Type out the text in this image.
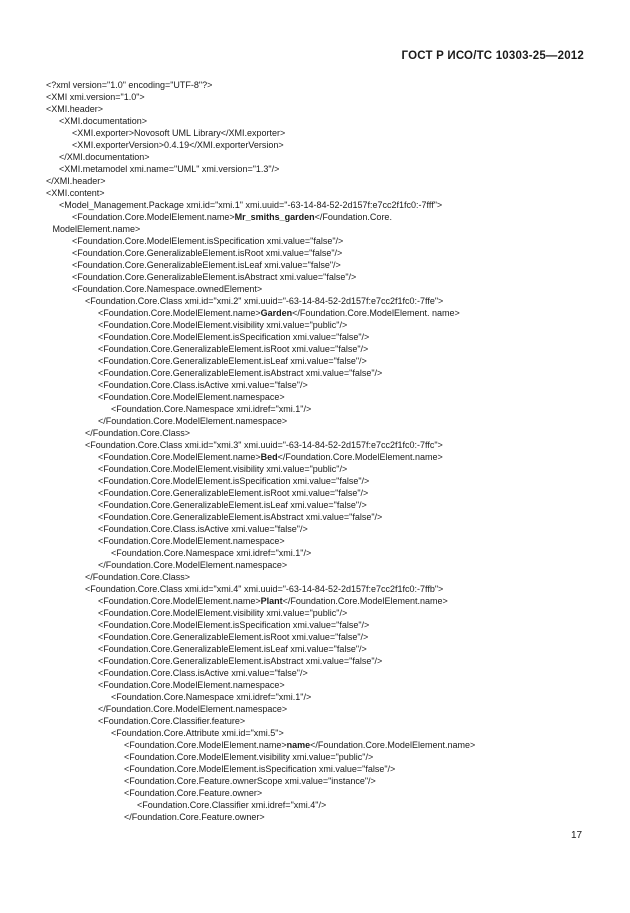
ГОСТ Р ИСО/ТС 10303-25—2012
<?xml version="1.0" encoding="UTF-8"?>
<XMI xmi.version="1.0">
<XMI.header>
<XMI.documentation>
<XMI.exporter>Novosoft UML Library</XMI.exporter>
<XMI.exporterVersion>0.4.19</XMI.exporterVersion>
</XMI.documentation>
<XMI.metamodel xmi.name="UML" xmi.version="1.3"/>
</XMI.header>
<XMI.content>
<Model_Management.Package xmi.id="xmi.1" xmi.uuid="-63-14-84-52-2d157f:e7cc2f1fc0:-7fff">
<Foundation.Core.ModelElement.name>Mr_smiths_garden</Foundation.Core.
ModelElement.name>
<Foundation.Core.ModelElement.isSpecification xmi.value="false"/>
<Foundation.Core.GeneralizableElement.isRoot xmi.value="false"/>
<Foundation.Core.GeneralizableElement.isLeaf xmi.value="false"/>
<Foundation.Core.GeneralizableElement.isAbstract xmi.value="false"/>
<Foundation.Core.Namespace.ownedElement>
<Foundation.Core.Class xmi.id="xmi.2" xmi.uuid="-63-14-84-52-2d157f:e7cc2f1fc0:-7ffe">
<Foundation.Core.ModelElement.name>Garden</Foundation.Core.ModelElement. name>
<Foundation.Core.ModelElement.visibility xmi.value="public"/>
<Foundation.Core.ModelElement.isSpecification xmi.value="false"/>
<Foundation.Core.GeneralizableElement.isRoot xmi.value="false"/>
<Foundation.Core.GeneralizableElement.isLeaf xmi.value="false"/>
<Foundation.Core.GeneralizableElement.isAbstract xmi.value="false"/>
<Foundation.Core.Class.isActive xmi.value="false"/>
<Foundation.Core.ModelElement.namespace>
<Foundation.Core.Namespace xmi.idref="xmi.1"/>
</Foundation.Core.ModelElement.namespace>
</Foundation.Core.Class>
<Foundation.Core.Class xmi.id="xmi.3" xmi.uuid="-63-14-84-52-2d157f:e7cc2f1fc0:-7ffc">
<Foundation.Core.ModelElement.name>Bed</Foundation.Core.ModelElement.name>
<Foundation.Core.ModelElement.visibility xmi.value="public"/>
<Foundation.Core.ModelElement.isSpecification xmi.value="false"/>
<Foundation.Core.GeneralizableElement.isRoot xmi.value="false"/>
<Foundation.Core.GeneralizableElement.isLeaf xmi.value="false"/>
<Foundation.Core.GeneralizableElement.isAbstract xmi.value="false"/>
<Foundation.Core.Class.isActive xmi.value="false"/>
<Foundation.Core.ModelElement.namespace>
<Foundation.Core.Namespace xmi.idref="xmi.1"/>
</Foundation.Core.ModelElement.namespace>
</Foundation.Core.Class>
<Foundation.Core.Class xmi.id="xmi.4" xmi.uuid="-63-14-84-52-2d157f:e7cc2f1fc0:-7ffb">
<Foundation.Core.ModelElement.name>Plant</Foundation.Core.ModelElement.name>
<Foundation.Core.ModelElement.visibility xmi.value="public"/>
<Foundation.Core.ModelElement.isSpecification xmi.value="false"/>
<Foundation.Core.GeneralizableElement.isRoot xmi.value="false"/>
<Foundation.Core.GeneralizableElement.isLeaf xmi.value="false"/>
<Foundation.Core.GeneralizableElement.isAbstract xmi.value="false"/>
<Foundation.Core.Class.isActive xmi.value="false"/>
<Foundation.Core.ModelElement.namespace>
<Foundation.Core.Namespace xmi.idref="xmi.1"/>
</Foundation.Core.ModelElement.namespace>
<Foundation.Core.Classifier.feature>
<Foundation.Core.Attribute xmi.id="xmi.5">
<Foundation.Core.ModelElement.name>name</Foundation.Core.ModelElement.name>
<Foundation.Core.ModelElement.visibility xmi.value="public"/>
<Foundation.Core.ModelElement.isSpecification xmi.value="false"/>
<Foundation.Core.Feature.ownerScope xmi.value="instance"/>
<Foundation.Core.Feature.owner>
<Foundation.Core.Classifier xmi.idref="xmi.4"/>
</Foundation.Core.Feature.owner>
17
